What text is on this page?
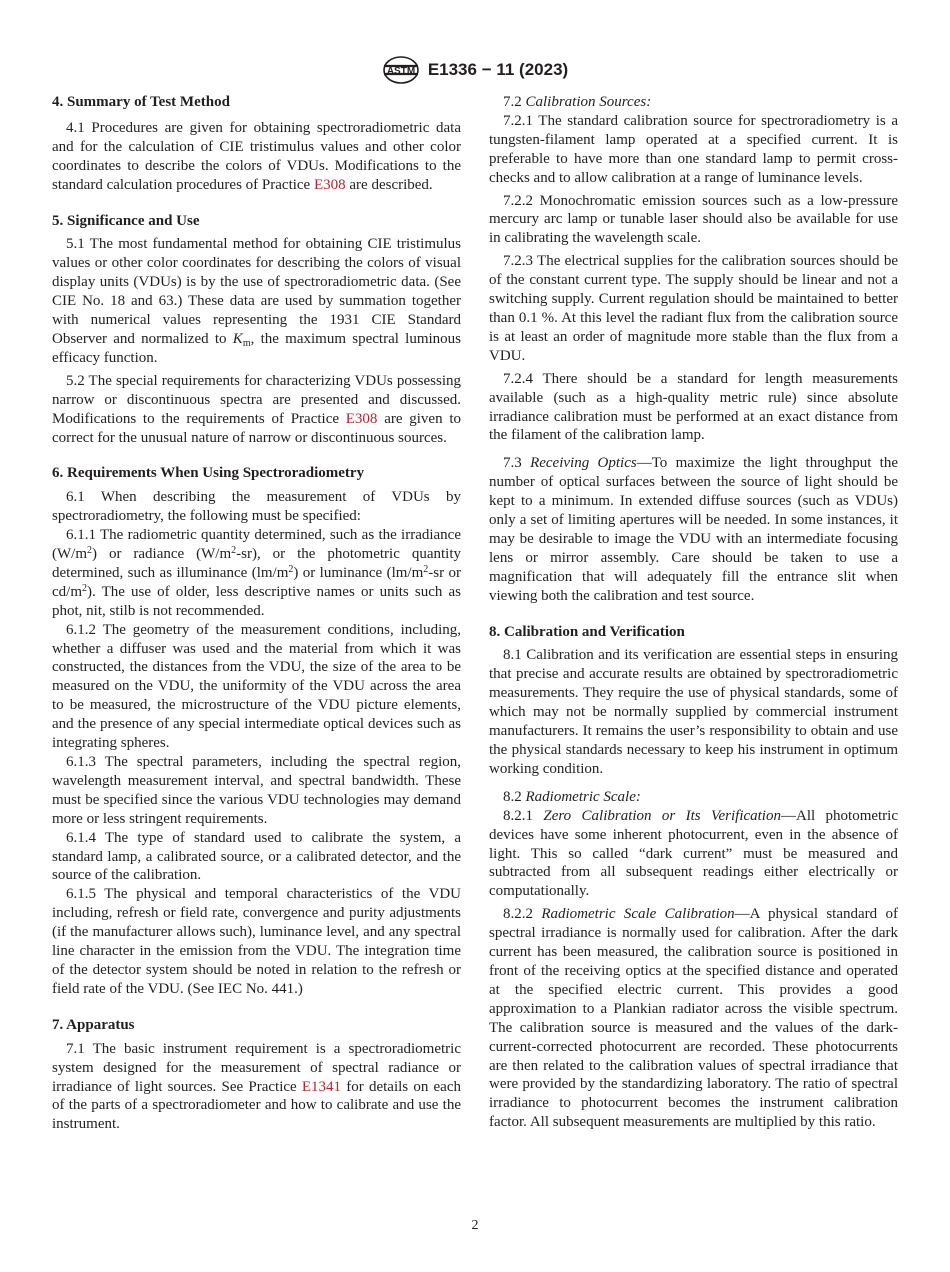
ASTM E1336 − 11 (2023)
4. Summary of Test Method

4.1 Procedures are given for obtaining spectroradiometric data and for the calculation of CIE tristimulus values and other color coordinates to describe the colors of VDUs. Modifications to the standard calculation procedures of Practice E308 are described.

5. Significance and Use

5.1 The most fundamental method for obtaining CIE tristimulus values or other color coordinates for describing the colors of visual display units (VDUs) is by the use of spectroradiometric data. (See CIE No. 18 and 63.) These data are used by summation together with numerical values representing the 1931 CIE Standard Observer and normalized to $K_m$, the maximum spectral luminous efficacy function.

5.2 The special requirements for characterizing VDUs possessing narrow or discontinuous spectra are presented and discussed. Modifications to the requirements of Practice E308 are given to correct for the unusual nature of narrow or discontinuous sources.

6. Requirements When Using Spectroradiometry

6.1 When describing the measurement of VDUs by spectroradiometry, the following must be specified:

6.1.1 The radiometric quantity determined, such as the irradiance $(W/m^2)$ or radiance $(W/m^2-sr)$, or the photometric quantity determined, such as illuminance $(lm/m^2)$ or luminance ($lm/m^2-sr$ or $cd/m^2$). The use of older, less descriptive names or units such as phot, nit, stilb is not recommended.

6.1.2 The geometry of the measurement conditions, including, whether a diffuser was used and the material from which it was constructed, the distances from the VDU, the size of the area to be measured on the VDU, the uniformity of the VDU across the area to be measured, the microstructure of the VDU picture elements, and the presence of any special intermediate optical devices such as integrating spheres.

6.1.3 The spectral parameters, including the spectral region, wavelength measurement interval, and spectral bandwidth. These must be specified since the various VDU technologies may demand more or less stringent requirements.

6.1.4 The type of standard used to calibrate the system, a standard lamp, a calibrated source, or a calibrated detector, and the source of the calibration.

6.1.5 The physical and temporal characteristics of the VDU including, refresh or field rate, convergence and purity adjustments (if the manufacturer allows such), luminance level, and any spectral line character in the emission from the VDU. The integration time of the detector system should be noted in relation to the refresh or field rate of the VDU. (See IEC No. 441.)

7. Apparatus

7.1 The basic instrument requirement is a spectroradiometric system designed for the measurement of spectral radiance or irradiance of light sources. See Practice E1341 for details on each of the parts of a spectroradiometer and how to calibrate and use the instrument.

7.2 Calibration Sources:

7.2.1 The standard calibration source for spectroradiometry is a tungsten-filament lamp operated at a specified current. It is preferable to have more than one standard lamp to permit cross-checks and to allow calibration at a range of luminance levels.

7.2.2 Monochromatic emission sources such as a low-pressure mercury arc lamp or tunable laser should also be available for use in calibrating the wavelength scale.

7.2.3 The electrical supplies for the calibration sources should be of the constant current type. The supply should be linear and not a switching supply. Current regulation should be maintained to better than 0.1 %. At this level the radiant flux from the calibration source is at least an order of magnitude more stable than the flux from a VDU.

7.2.4 There should be a standard for length measurements available (such as a high-quality metric rule) since absolute irradiance calibration must be performed at an exact distance from the filament of the calibration lamp.

7.3 Receiving Optics—To maximize the light throughput the number of optical surfaces between the source of light should be kept to a minimum. In extended diffuse sources (such as VDUs) only a set of limiting apertures will be needed. In some instances, it may be desirable to image the VDU with an intermediate focusing lens or mirror assembly. Care should be taken to use a magnification that will adequately fill the entrance slit when viewing both the calibration and test source.

8. Calibration and Verification

8.1 Calibration and its verification are essential steps in ensuring that precise and accurate results are obtained by spectroradiometric measurements. They require the use of physical standards, some of which may not be normally supplied by commercial instrument manufacturers. It remains the user’s responsibility to obtain and use the physical standards necessary to keep his instrument in optimum working condition.

8.2 Radiometric Scale:

8.2.1 Zero Calibration or Its Verification—All photometric devices have some inherent photocurrent, even in the absence of light. This so called “dark current” must be measured and subtracted from all subsequent readings either electrically or computationally.

8.2.2 Radiometric Scale Calibration—A physical standard of spectral irradiance is normally used for calibration. After the dark current has been measured, the calibration source is positioned in front of the receiving optics at the specified distance and operated at the specified electric current. This provides a good approximation to a Plankian radiator across the visible spectrum. The calibration source is measured and the values of the dark-current-corrected photocurrent are recorded. These photocurrents are then related to the calibration values of spectral irradiance that were provided by the standardizing laboratory. The ratio of spectral irradiance to photocurrent becomes the instrument calibration factor. All subsequent measurements are multiplied by this ratio.

2
